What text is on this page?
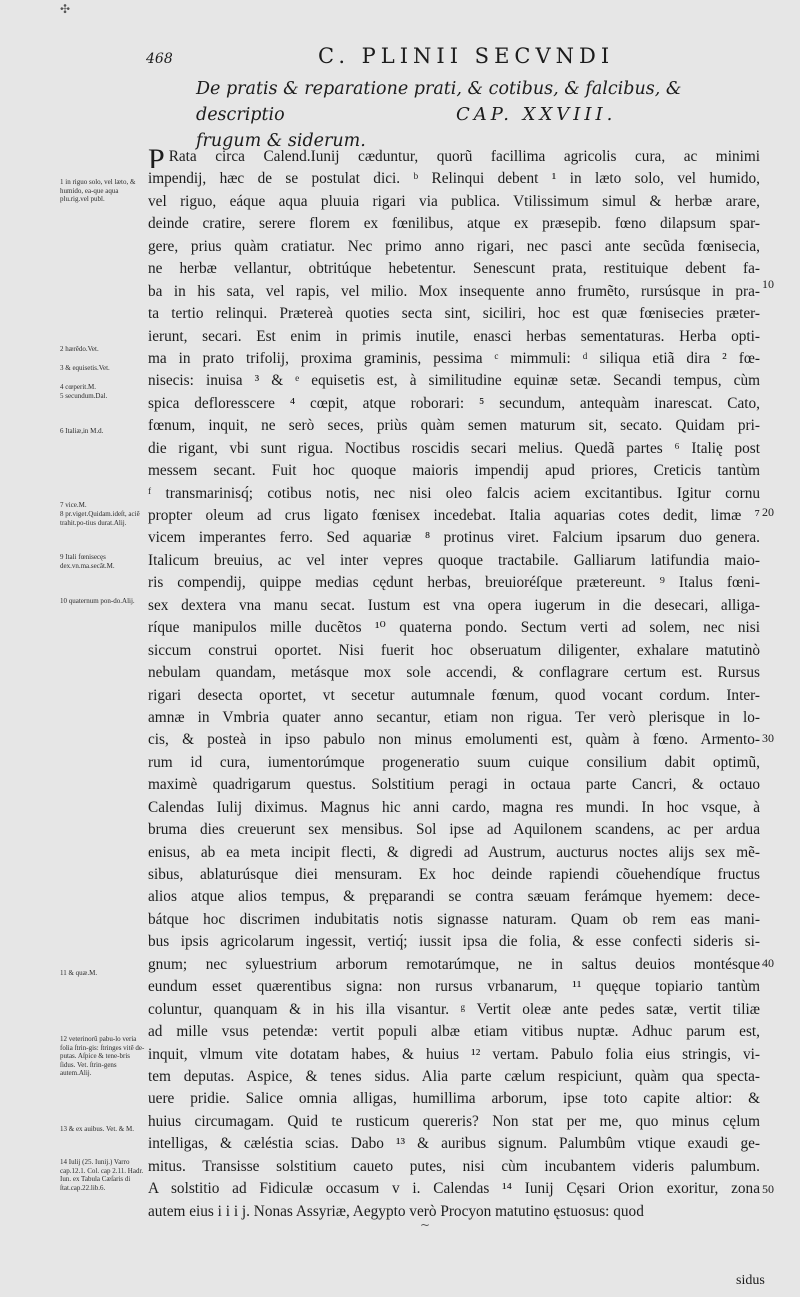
✣
468	C. PLINII SECVNDI
De pratis & reparatione prati, & cotibus, & falcibus, & descriptio
frugum & siderum.
CAP. XXVIII.
P Rata circa Calend.Iunij cæduntur, quorũ facillima agricolis cura, ac minimi
impendij, hæc de se postulat dici. ᵇ Relinqui debent ¹ in læto solo, vel humido,
vel riguo, eáque aqua pluuia rigari via publica. Vtilissimum simul & herbæ arare,
deinde cratire, serere florem ex fœnilibus, atque ex præsepib. fœno dilapsum spar-
gere, prius quàm cratiatur. Nec primo anno rigari, nec pasci ante secũda fœnisecia,
ne herbæ vellantur, obtritúque hebetentur. Senescunt prata, restituique debent fa-
ba in his sata, vel rapis, vel milio. Mox insequente anno frumẽto, rursúsque in pra-
ta tertio relinqui. Prætereà quoties secta sint, siciliri, hoc est quæ fœnisecies præter-
ierunt, secari. Est enim in primis inutile, enasci herbas sementaturas. Herba opti-
ma in prato trifolij, proxima graminis, pessima ᶜ mimmuli: ᵈ siliqua etiã dira ² fœ-
nisecis: inuisa ³ & ᵉ equisetis est, à similitudine equinæ setæ. Secandi tempus, cùm
spica defloresscere ⁴ cœpit, atque roborari: ⁵ secundum, antequàm inarescat. Cato,
fœnum, inquit, ne serò seces, priùs quàm semen maturum sit, secato. Quidam pri-
die rigant, vbi sunt rigua. Noctibus roscidis secari melius. Quedã partes ⁶ Italię post
messem secant. Fuit hoc quoque maioris impendij apud priores, Creticis tantùm
ᶠ transmarinisq́; cotibus notis, nec nisi oleo falcis aciem excitantibus. Igitur cornu
propter oleum ad crus ligato fœnisex incedebat. Italia aquarias cotes dedit, limæ ⁷
vicem imperantes ferro. Sed aquariæ ⁸ protinus viret. Falcium ipsarum duo genera.
Italicum breuius, ac vel inter vepres quoque tractabile. Galliarum latifundia maio-
ris compendij, quippe medias cędunt herbas, breuioréſque prætereunt. ⁹ Italus fœni-
sex dextera vna manu secat. Iustum est vna opera iugerum in die desecari, alliga-
ríque manipulos mille ducẽtos ¹⁰ quaterna pondo. Sectum verti ad solem, nec nisi
siccum construi oportet. Nisi fuerit hoc obseruatum diligenter, exhalare matutinò
nebulam quandam, metásque mox sole accendi, & conflagrare certum est. Rursus
rigari desecta oportet, vt secetur autumnale fœnum, quod vocant cordum. Inter-
amnæ in Vmbria quater anno secantur, etiam non rigua. Ter verò plerisque in lo-
cis, & posteà in ipso pabulo non minus emolumenti est, quàm à fœno. Armento-
rum id cura, iumentorúmque progeneratio suum cuique consilium dabit optimũ,
maximè quadrigarum questus. Solstitium peragi in octaua parte Cancri, & octauo
Calendas Iulij diximus. Magnus hic anni cardo, magna res mundi. In hoc vsque, à
bruma dies creuerunt sex mensibus. Sol ipse ad Aquilonem scandens, ac per ardua
enisus, ab ea meta incipit flecti, & digredi ad Austrum, aucturus noctes alijs sex mẽ-
sibus, ablaturúsque diei mensuram. Ex hoc deinde rapiendi cõuehendíque fructus
alios atque alios tempus, & pręparandi se contra sæuam ferámque hyemem: dece-
bátque hoc discrimen indubitatis notis signasse naturam. Quam ob rem eas mani-
bus ipsis agricolarum ingessit, vertiq́; iussit ipsa die folia, & esse confecti sideris si-
gnum; nec syluestrium arborum remotarúmque, ne in saltus deuios montésque
eundum esset quærentibus signa: non rursus vrbanarum, ¹¹ quęque topiario tantùm
coluntur, quanquam & in his illa visantur. ᵍ Vertit oleæ ante pedes satæ, vertit tiliæ
ad mille vsus petendæ: vertit populi albæ etiam vitibus nuptæ. Adhuc parum est,
inquit, vlmum vite dotatam habes, & huius ¹² vertam. Pabulo folia eius stringis, vi-
tem deputas. Aspice, & tenes sidus. Alia parte cælum respiciunt, quàm qua specta-
uere pridie. Salice omnia alligas, humillima arborum, ipse toto capite altior: &
huius circumagam. Quid te rusticum quereris? Non stat per me, quo minus cęlum
intelligas, & cæléstia scias. Dabo ¹³ & auribus signum. Palumbûm vtique exaudi ge-
mitus. Transisse solstitium caueto putes, nisi cùm incubantem videris palumbum.
A solstitio ad Fidiculæ occasum v i. Calendas ¹⁴ Iunij Cęsari Orion exoritur, zona
autem eius i i i j. Nonas Assyriæ, Aegypto verò Procyon matutino ęstuosus: quod
10
20
30
40
50
1 in riguo solo, vel læto, & humido, ea-que aqua plu.rig.vel publ.
2 hærẽdo.Vet.
3 & equisetis.Vet.
4 cœperit.M.
5 secundum.Dal.
6 Italiæ,in M.d.
7 vice.M.
8 pr.viget.Quidam.ideſt, aciẽ trahit.po-tius durat.Alij.
9 Itali fœnisecęs dex.vn.ma.secãt.M.
10 quaternum pon-do.Alij.
11 & quæ.M.
12 veterinorũ pabu-lo veria folia ſtrin-gis: ſtringes vitẽ de-putas. Aſpice & tene-bris ſidus. Vet. ſtrin-gens autem.Alij.
13 & ex auibus. Vet. & M.
14 Iulij (25. Iunij.) Varro cap.12.1. Col. cap 2.11. Hadr. Iun. ex Tabula Cæſaris di ſtat.cap.22.lib.6.
sidus
~
